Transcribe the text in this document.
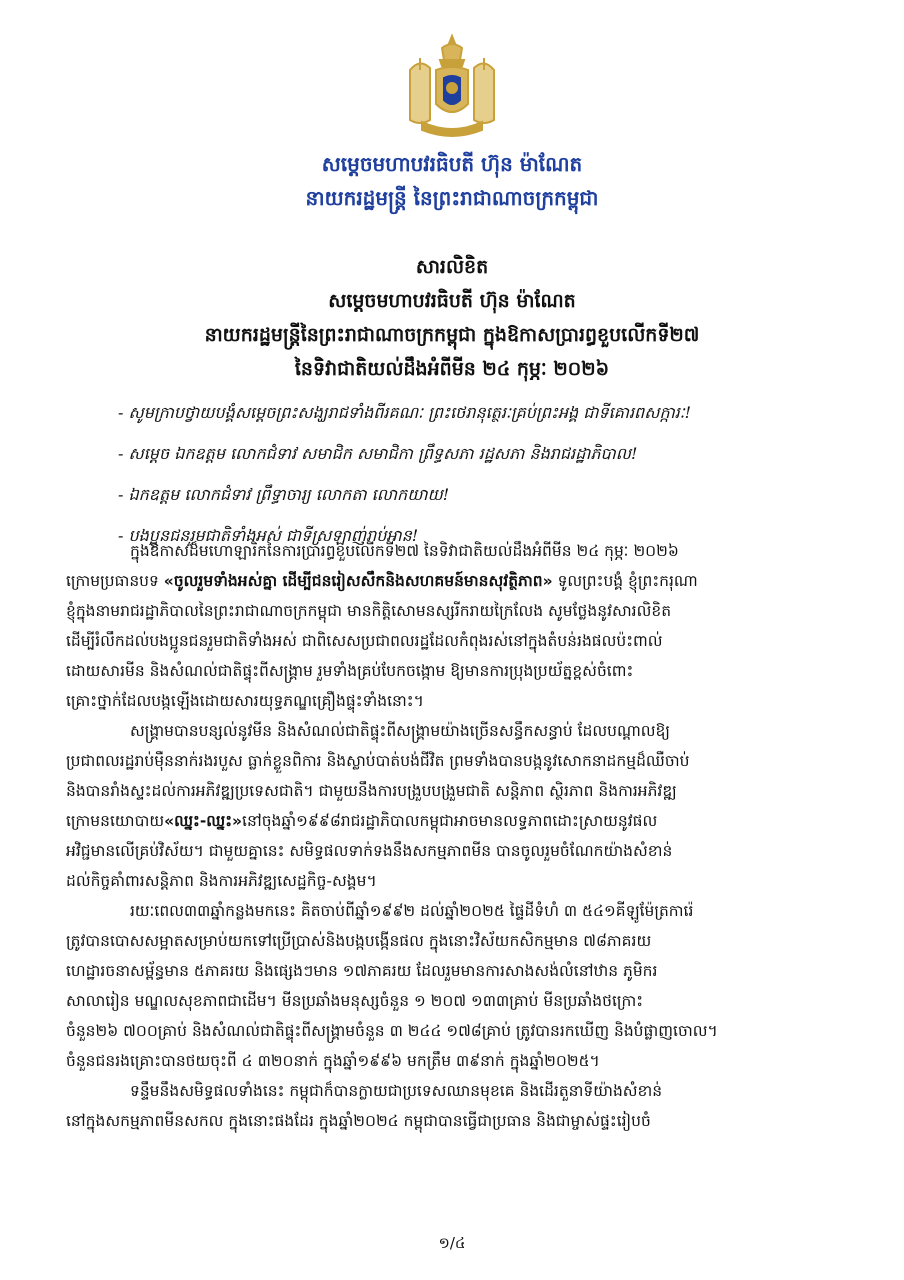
សម្តេចមហាបវរធិបតី ហ៊ុន ម៉ាណែត
នាយករដ្ឋមន្ត្រី នៃព្រះរាជាណាចក្រកម្ពុជា
សារលិខិត
សម្តេចមហាបវរធិបតី ហ៊ុន ម៉ាណែត
នាយករដ្ឋមន្ត្រីនៃព្រះរាជាណាចក្រកម្ពុជា ក្នុងឱកាសប្រារព្ធខួបលើកទី២៧
នៃទិវាជាតិយល់ដឹងអំពីមីន ២៤ កុម្ភៈ ២០២៦
- សូមក្រាបថ្វាយបង្គំសម្តេចព្រះសង្ឃរាជទាំងពីរគណៈ ព្រះថេរានុត្ថេរៈគ្រប់ព្រះអង្គ ជាទីគោរពសក្ការៈ!
- សម្តេច ឯកឧត្តម លោកជំទាវ សមាជិក សមាជិកា ព្រឹទ្ធសភា រដ្ឋសភា និងរាជរដ្ឋាភិបាល!
- ឯកឧត្តម លោកជំទាវ ព្រឹទ្ធាចារ្យ លោកតា លោកយាយ!
- បងប្អូនជនរួមជាតិទាំងអស់ ជាទីស្រឡាញ់រាប់អាន!
ក្នុងឱកាសដ៏មហោឡារិកនៃការប្រារព្ធខួបលើកទី២៧ នៃទិវាជាតិយល់ដឹងអំពីមីន ២៤ កុម្ភៈ ២០២៦
ក្រោមប្រធានបទ «ចូលរួមទាំងអស់គ្នា ដើម្បីជនរៀសសឹកនិងសហគមន៍មានសុវត្ថិភាព» ទូលព្រះបង្គំ ខ្ញុំព្រះករុណា
ខ្ញុំក្នុងនាមរាជរដ្ឋាភិបាលនៃព្រះរាជាណាចក្រកម្ពុជា មានកិត្តិសោមនស្សរីករាយក្រៃលែង សូមថ្លែងនូវសារលិខិត
ដើម្បីរំលឹកដល់បងប្អូនជនរួមជាតិទាំងអស់ ជាពិសេសប្រជាពលរដ្ឋដែលកំពុងរស់នៅក្នុងតំបន់រងផលប៉ះពាល់
ដោយសារមីន និងសំណល់ជាតិផ្ទុះពីសង្គ្រាម រួមទាំងគ្រប់បែកចង្កោម ឱ្យមានការប្រុងប្រយ័ត្នខ្ពស់ចំពោះ
គ្រោះថ្នាក់ដែលបង្កឡើងដោយសារយុទ្ធភណ្ឌគ្រឿងផ្ទុះទាំងនោះ។
សង្គ្រាមបានបន្សល់នូវមីន និងសំណល់ជាតិផ្ទុះពីសង្គ្រាមយ៉ាងច្រើនសន្ធឹកសន្ធាប់ ដែលបណ្តាលឱ្យ
ប្រជាពលរដ្ឋរាប់ម៉ឺននាក់រងរបួស ធ្លាក់ខ្លួនពិការ និងស្លាប់បាត់បង់ជីវិត ព្រមទាំងបានបង្កនូវសោកនាដកម្មដ៏ឈឺចាប់
និងបានរាំងស្ទះដល់ការអភិវឌ្ឍប្រទេសជាតិ។ ជាមួយនឹងការបង្រួបបង្រួមជាតិ សន្តិភាព ស្ថិរភាព និងការអភិវឌ្ឍ
ក្រោមនយោបាយ«ឈ្នះ-ឈ្នះ»នៅចុងឆ្នាំ១៩៩៨រាជរដ្ឋាភិបាលកម្ពុជាអាចមានលទ្ធភាពដោះស្រាយនូវផល
អវិជ្ជមានលើគ្រប់វិស័យ។ ជាមួយគ្នានេះ សមិទ្ធផលទាក់ទងនឹងសកម្មភាពមីន បានចូលរួមចំណែកយ៉ាងសំខាន់
ដល់កិច្ចគាំពារសន្តិភាព និងការអភិវឌ្ឍសេដ្ឋកិច្ច-សង្គម។
រយៈពេល៣៣ឆ្នាំកន្លងមកនេះ គិតចាប់ពីឆ្នាំ១៩៩២ ដល់ឆ្នាំ២០២៥ ផ្ទៃដីទំហំ ៣ ៥៤១គីឡូម៉ែត្រការ៉េ
ត្រូវបានបោសសម្អាតសម្រាប់យកទៅប្រើប្រាស់និងបង្កបង្កើនផល ក្នុងនោះវិស័យកសិកម្មមាន ៧៨ភាគរយ
ហេដ្ឋារចនាសម្ព័ន្ធមាន ៥ភាគរយ និងផ្សេងៗមាន ១៧ភាគរយ ដែលរួមមានការសាងសង់លំនៅឋាន ភូមិករ
សាលារៀន មណ្ឌលសុខភាពជាដើម។ មីនប្រឆាំងមនុស្សចំនួន ១ ២០៧ ១៣៣គ្រាប់ មីនប្រឆាំងថក្រោះ
ចំនួន២៦ ៧០០គ្រាប់ និងសំណល់ជាតិផ្ទុះពីសង្គ្រាមចំនួន ៣ ២៤៤ ១៧៨គ្រាប់ ត្រូវបានរកឃើញ និងបំផ្លាញចោល។
ចំនួនជនរងគ្រោះបានថយចុះពី ៤ ៣២០នាក់ ក្នុងឆ្នាំ១៩៩៦ មកត្រឹម ៣៩នាក់ ក្នុងឆ្នាំ២០២៥។
ទន្ទឹមនឹងសមិទ្ធផលទាំងនេះ កម្ពុជាក៏បានក្លាយជាប្រទេសឈានមុខគេ និងដើរតួនាទីយ៉ាងសំខាន់
នៅក្នុងសកម្មភាពមីនសកល ក្នុងនោះផងដែរ ក្នុងឆ្នាំ២០២៤ កម្ពុជាបានធ្វើជាប្រធាន និងជាម្ចាស់ផ្ទះរៀបចំ
១/៤
